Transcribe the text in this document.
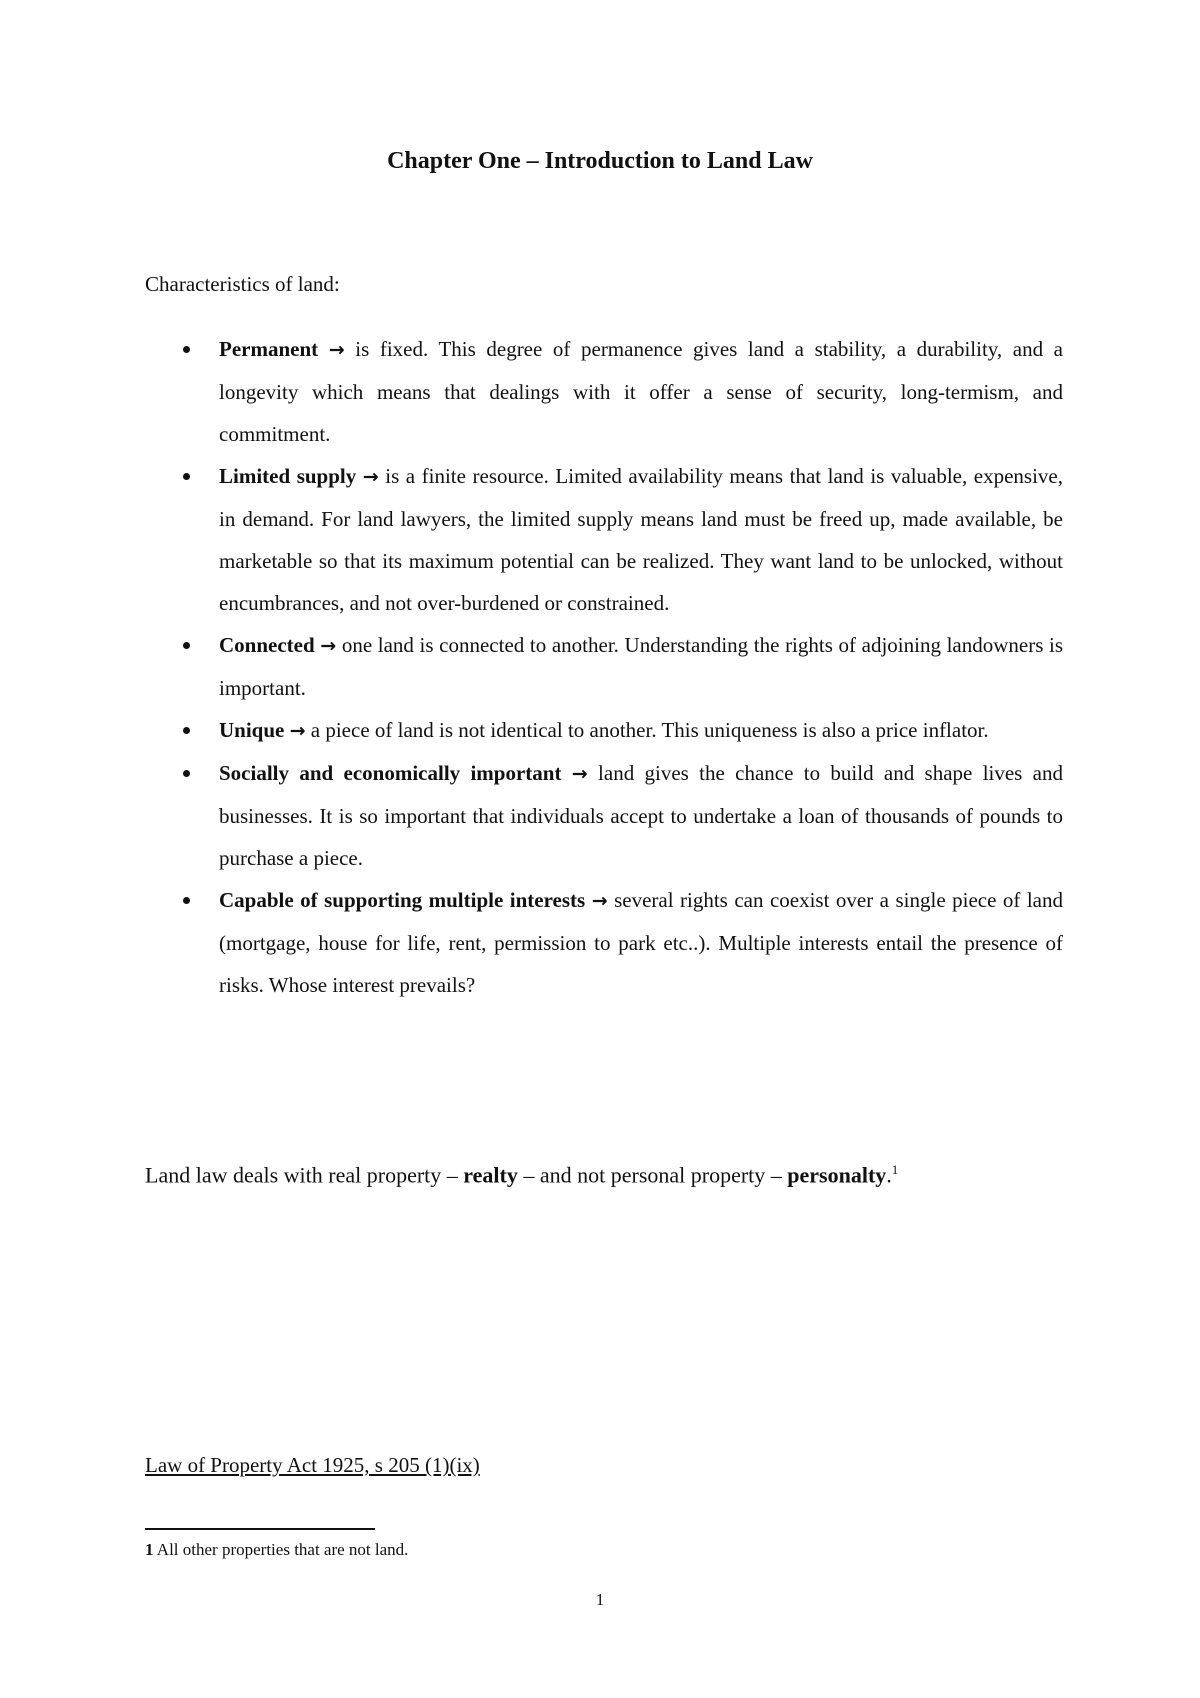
Chapter One – Introduction to Land Law
Characteristics of land:
Permanent → is fixed. This degree of permanence gives land a stability, a durability, and a longevity which means that dealings with it offer a sense of security, long-termism, and commitment.
Limited supply → is a finite resource. Limited availability means that land is valuable, expensive, in demand. For land lawyers, the limited supply means land must be freed up, made available, be marketable so that its maximum potential can be realized. They want land to be unlocked, without encumbrances, and not over-burdened or constrained.
Connected → one land is connected to another. Understanding the rights of adjoining landowners is important.
Unique → a piece of land is not identical to another. This uniqueness is also a price inflator.
Socially and economically important → land gives the chance to build and shape lives and businesses. It is so important that individuals accept to undertake a loan of thousands of pounds to purchase a piece.
Capable of supporting multiple interests → several rights can coexist over a single piece of land (mortgage, house for life, rent, permission to park etc..). Multiple interests entail the presence of risks. Whose interest prevails?
Land law deals with real property – realty – and not personal property – personalty.$^1$
Law of Property Act 1925, s 205 (1)(ix)
1 All other properties that are not land.
1
